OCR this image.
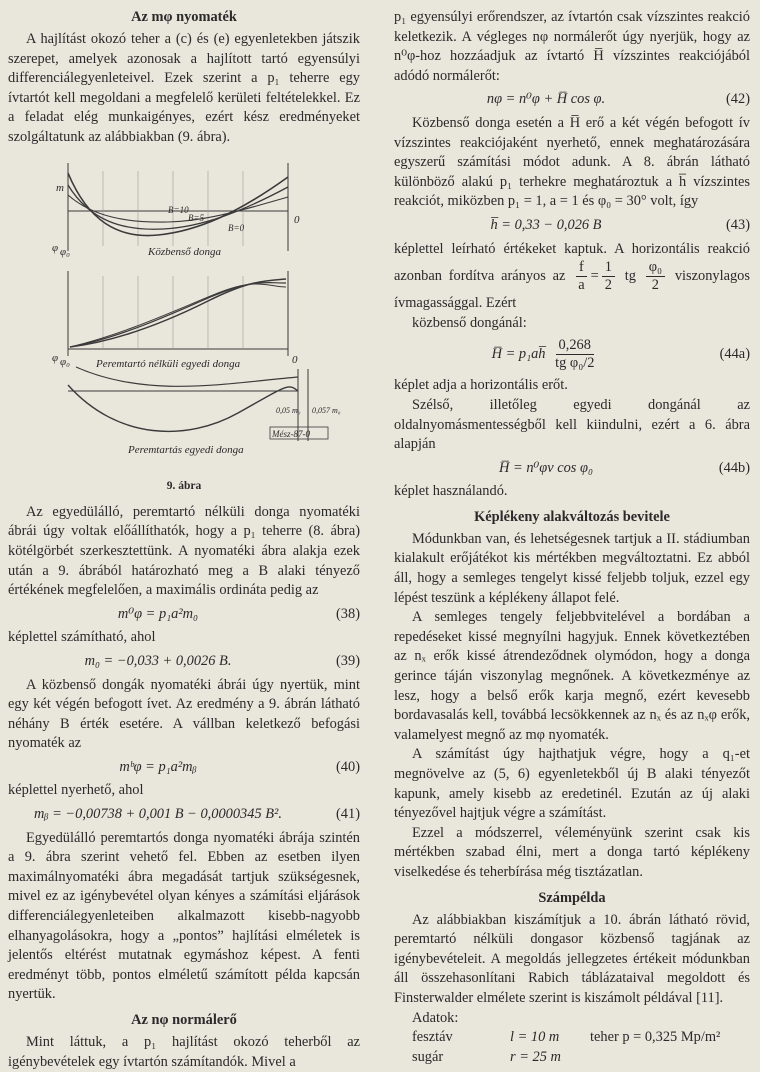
Az mφ nyomaték

A hajlítást okozó teher a (c) és (e) egyenletekben játszik szerepet, amelyek azonosak a hajlított tartó egyensúlyi differenciálegyenleteivel. Ezek szerint a p₁ teherre egy ívtartót kell megoldani a megfelelő kerületi feltételekkel. Ez a feladat elég munkaigényes, ezért kész eredményeket szolgáltatunk az alábbiakban (9. ábra).

φ φ₀
0
m
Közbenső donga
B=0
B=5
B=10
φ φ₀ Peremtartó nélküli egyedi donga	0
Peremtartás egyedi donga
Mész-87-0
0,057 m₀
0,05 m₀
9. ábra

Az egyedülálló, peremtartó nélküli donga nyomatéki ábrái úgy voltak előállíthatók, hogy a p₁ teherre (8. ábra) kötélgörbét szerkesztettünk. A nyomatéki ábra alakja ezek után a 9. ábrából határozható meg a B alaki tényező értékének megfelelően, a maximális ordináta pedig az

m⁰φ = p₁a²m₀	(38)

képlettel számítható, ahol

m₀ = −0,033 + 0,0026 B.	(39)

A közbenső dongák nyomatéki ábrái úgy nyertük, mint egy két végén befogott ívet. Az eredmény a 9. ábrán látható néhány B érték esetére. A vállban keletkező befogási nyomaték az

mᵇφ = p₁a²mᵦ	(40)

képlettel nyerhető, ahol

mᵦ = −0,00738 + 0,001 B − 0,0000345 B².	(41)

Egyedülálló peremtartós donga nyomatéki ábrája szintén a 9. ábra szerint vehető fel. Ebben az esetben ilyen maximálnyomatéki ábra megadását tartjuk szükségesnek, mivel ez az igénybevétel olyan kényes a számítási eljárások differenciálegyenleteiben alkalmazott kisebb-nagyobb elhanyagolásokra, hogy a „pontos” hajlítási elméletek is jelentős eltérést mutatnak egymáshoz képest. A fenti eredményt több, pontos elméletű számított példa kapcsán nyertük.

Az nφ normálerő

Mint láttuk, a p₁ hajlítást okozó teherből az igénybevételek egy ívtartón számítandók. Mivel a

p₁ egyensúlyi erőrendszer, az ívtartón csak vízszintes reakció keletkezik. A végleges nφ normálerőt úgy nyerjük, hogy az n⁰φ-hoz hozzáadjuk az ívtartó H̅ vízszintes reakciójából adódó normálerőt:

nφ = n⁰φ + H̅ cos φ.	(42)

Közbenső donga esetén a H̅ erő a két végén befogott ív vízszintes reakciójaként nyerhető, ennek meghatározására egyszerű számítási módot adunk. A 8. ábrán látható különböző alakú p₁ terhekre meghatároztuk a h̅ vízszintes reakciót, miközben p₁ = 1, a = 1 és φ₀ = 30° volt, így

h̅ = 0,33 − 0,026 B	(43)

képlettel leírható értékeket kaptuk. A horizontális reakció azonban fordítva arányos az $\frac{f}{a} = \frac{1}{2}$ tg $\frac{\text{φ₀}}{2}$ viszonylagos ívmagassággal. Ezért

közbenső dongánál:

H̅ = p₁ah̅ $\frac{0,268}{\text{tg φ₀/2}}$	(44a)

képlet adja a horizontális erőt.

Szélső, illetőleg egyedi dongánál az oldalnyomásmentességből kell kiindulni, ezért a 6. ábra alapján

H̅ = n⁰φv cos φ₀	(44b)

képlet használandó.

Képlékeny alakváltozás bevitele

Módunkban van, és lehetségesnek tartjuk a II. stádiumban kialakult erőjátékot kis mértékben megváltoztatni. Ez abból áll, hogy a semleges tengelyt kissé feljebb toljuk, ezzel egy lépést teszünk a képlékeny állapot felé.

A semleges tengely feljebbvitelével a bordában a repedéseket kissé megnyílni hagyjuk. Ennek következtében az nₓ erők kissé átrendeződnek olymódon, hogy a donga gerince táján viszonylag megnőnek. A következménye az lesz, hogy a belső erők karja megnő, ezért kevesebb bordavasalás kell, továbbá lecsökkennek az nₓ és az nₓφ erők, valamelyest megnő az mφ nyomaték.

A számítást úgy hajthatjuk végre, hogy a q₁-et megnövelve az (5, 6) egyenletekből új B alaki tényezőt kapunk, amely kisebb az eredetinél. Ezután az új alaki tényezővel hajtjuk végre a számítást.

Ezzel a módszerrel, véleményünk szerint csak kis mértékben szabad élni, mert a donga tartó képlékeny viselkedése és teherbírása még tisztázatlan.

Számpélda

Az alábbiakban kiszámítjuk a 10. ábrán látható rövid, peremtartó nélküli dongasor közbenső tagjának az igénybevételeit. A megoldás jellegzetes értékeit módunkban áll összehasonlítani Rabich táblázataival megoldott és Finsterwalder elmélete szerint is kiszámolt példával [11].

Adatok:
fesztáv	l = 10 m	teher p = 0,325 Mp/m²
sugár	r = 25 m
